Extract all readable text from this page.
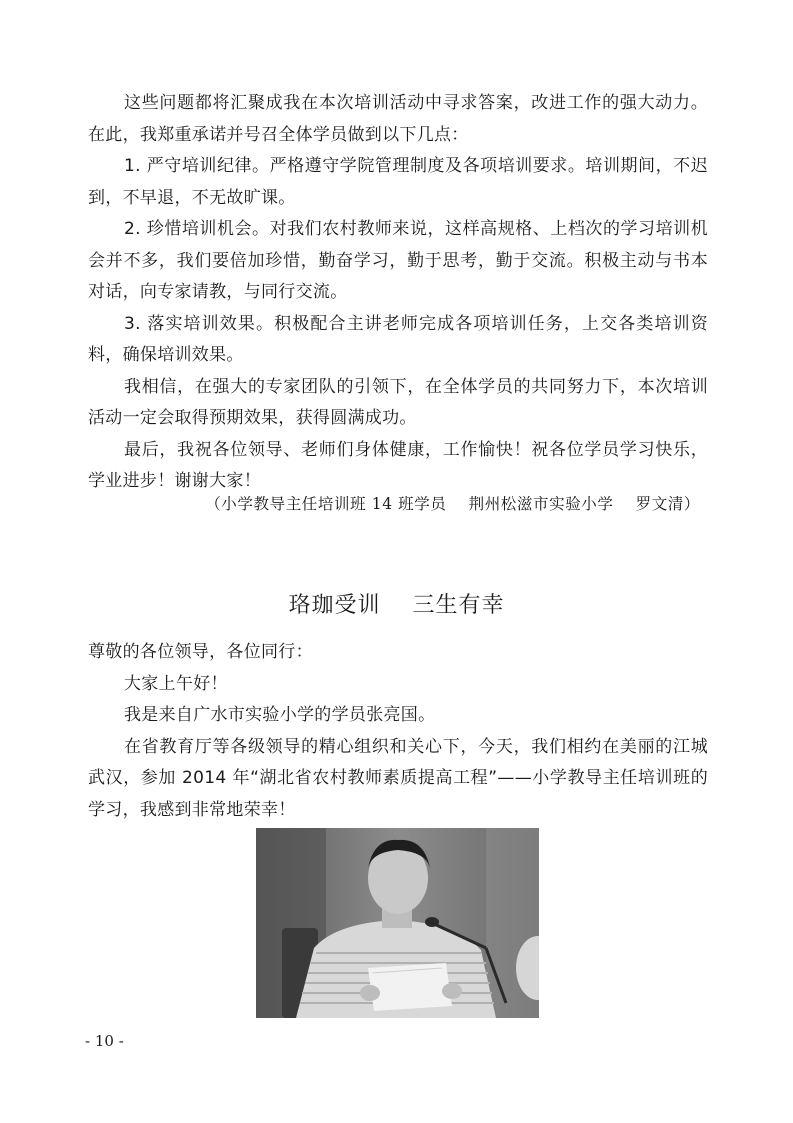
这些问题都将汇聚成我在本次培训活动中寻求答案，改进工作的强大动力。在此，我郑重承诺并号召全体学员做到以下几点：

1. 严守培训纪律。严格遵守学院管理制度及各项培训要求。培训期间，不迟到，不早退，不无故旷课。

2. 珍惜培训机会。对我们农村教师来说，这样高规格、上档次的学习培训机会并不多，我们要倍加珍惜，勤奋学习，勤于思考，勤于交流。积极主动与书本对话，向专家请教，与同行交流。

3. 落实培训效果。积极配合主讲老师完成各项培训任务，上交各类培训资料，确保培训效果。

我相信，在强大的专家团队的引领下，在全体学员的共同努力下，本次培训活动一定会取得预期效果，获得圆满成功。

最后，我祝各位领导、老师们身体健康，工作愉快！祝各位学员学习快乐，学业进步！谢谢大家！

（小学教导主任培训班 14 班学员    荆州松滋市实验小学    罗文清）
珞珈受训    三生有幸

尊敬的各位领导，各位同行：

大家上午好！

我是来自广水市实验小学的学员张亮国。

在省教育厅等各级领导的精心组织和关心下，今天，我们相约在美丽的江城武汉，参加 2014 年“湖北省农村教师素质提高工程”——小学教导主任培训班的学习，我感到非常地荣幸！

- 10 -
